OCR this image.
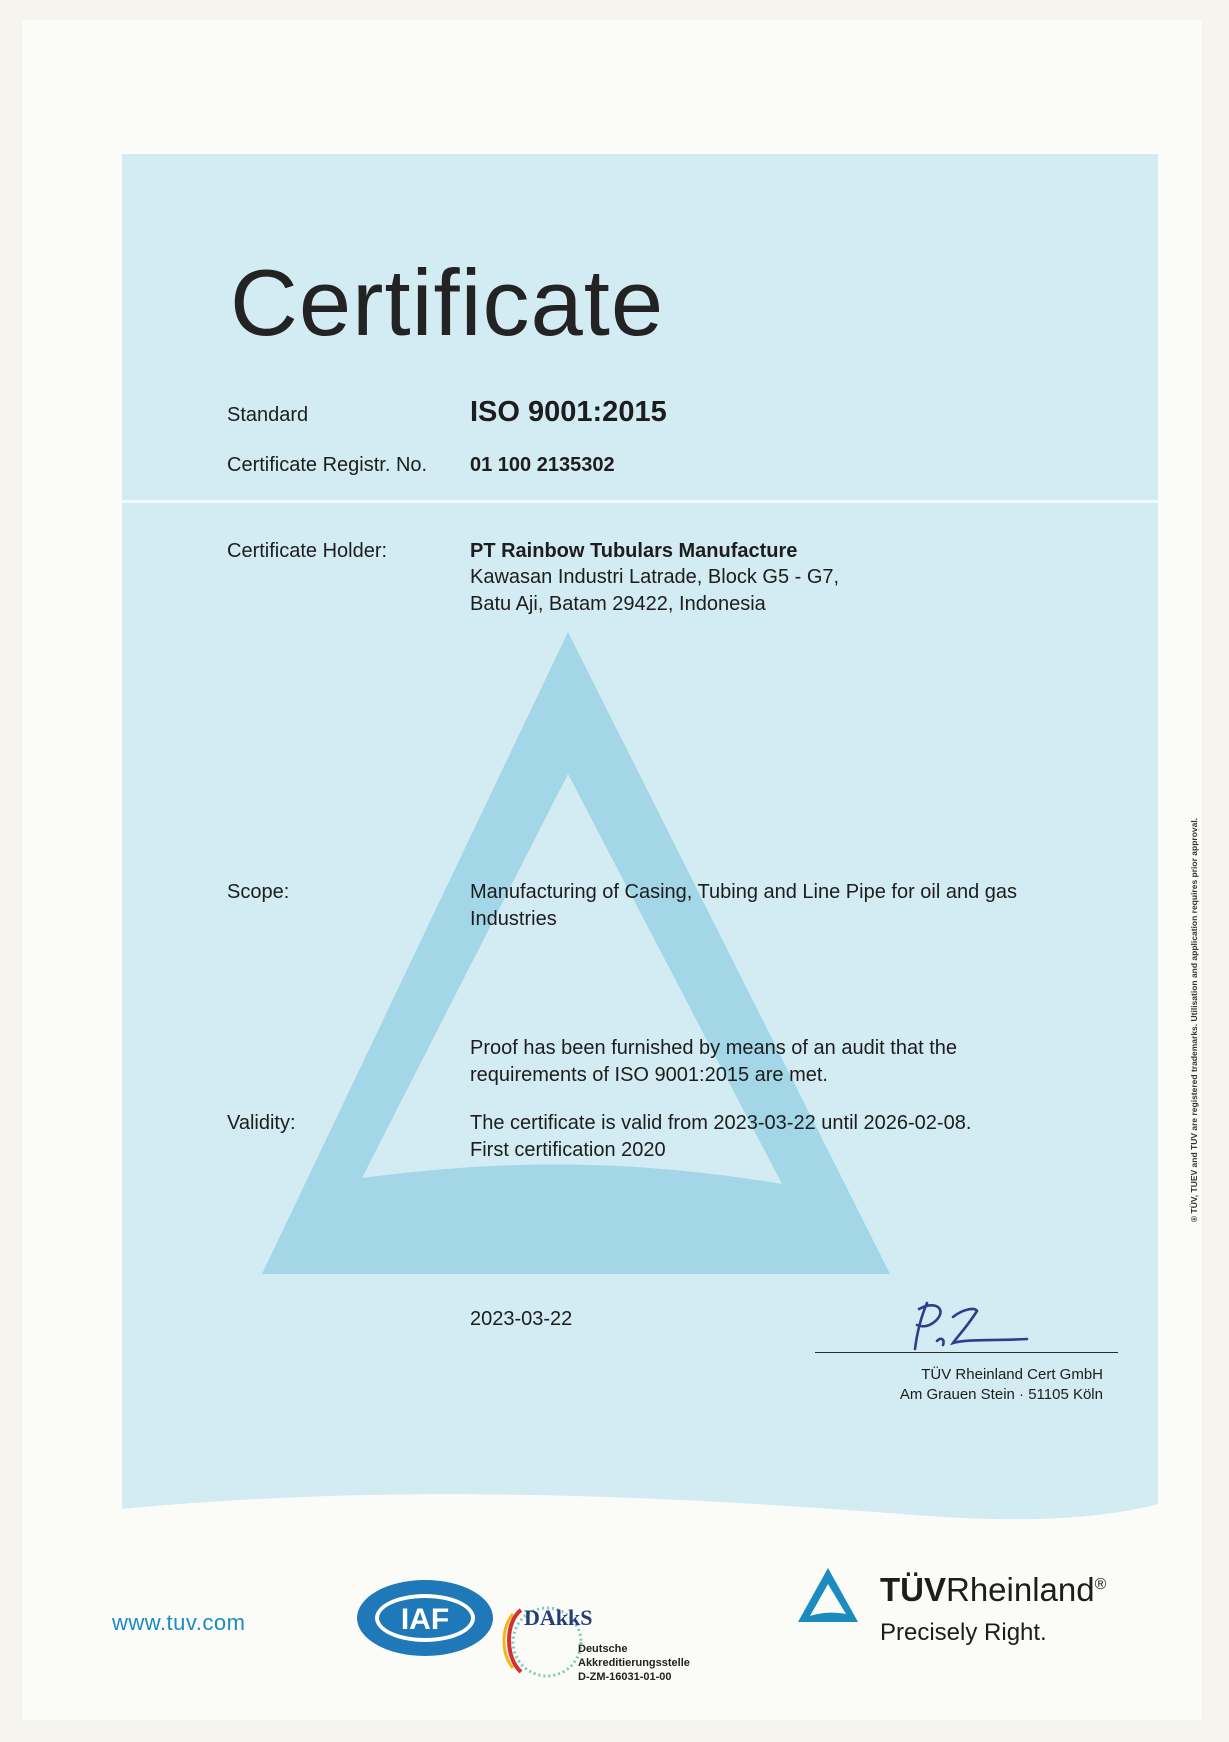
Certificate
Standard	ISO 9001:2015
Certificate Registr. No. 01 100 2135302
Certificate Holder:	PT Rainbow Tubulars Manufacture
Kawasan Industri Latrade, Block G5 - G7,
Batu Aji, Batam 29422, Indonesia
Scope:	Manufacturing of Casing, Tubing and Line Pipe for oil and gas
Industries
Proof has been furnished by means of an audit that the
requirements of ISO 9001:2015 are met.
Validity:	The certificate is valid from 2023-03-22 until 2026-02-08.
First certification 2020
2023-03-22
TÜV Rheinland Cert GmbH
Am Grauen Stein · 51105 Köln
www.tuv.com	IAF	DAkkS
Deutsche
Akkreditierungsstelle
D-ZM-16031-01-00
TÜVRheinland®
Precisely Right.
® TÜV, TUEV and TUV are registered trademarks. Utilisation and application requires prior approval.
